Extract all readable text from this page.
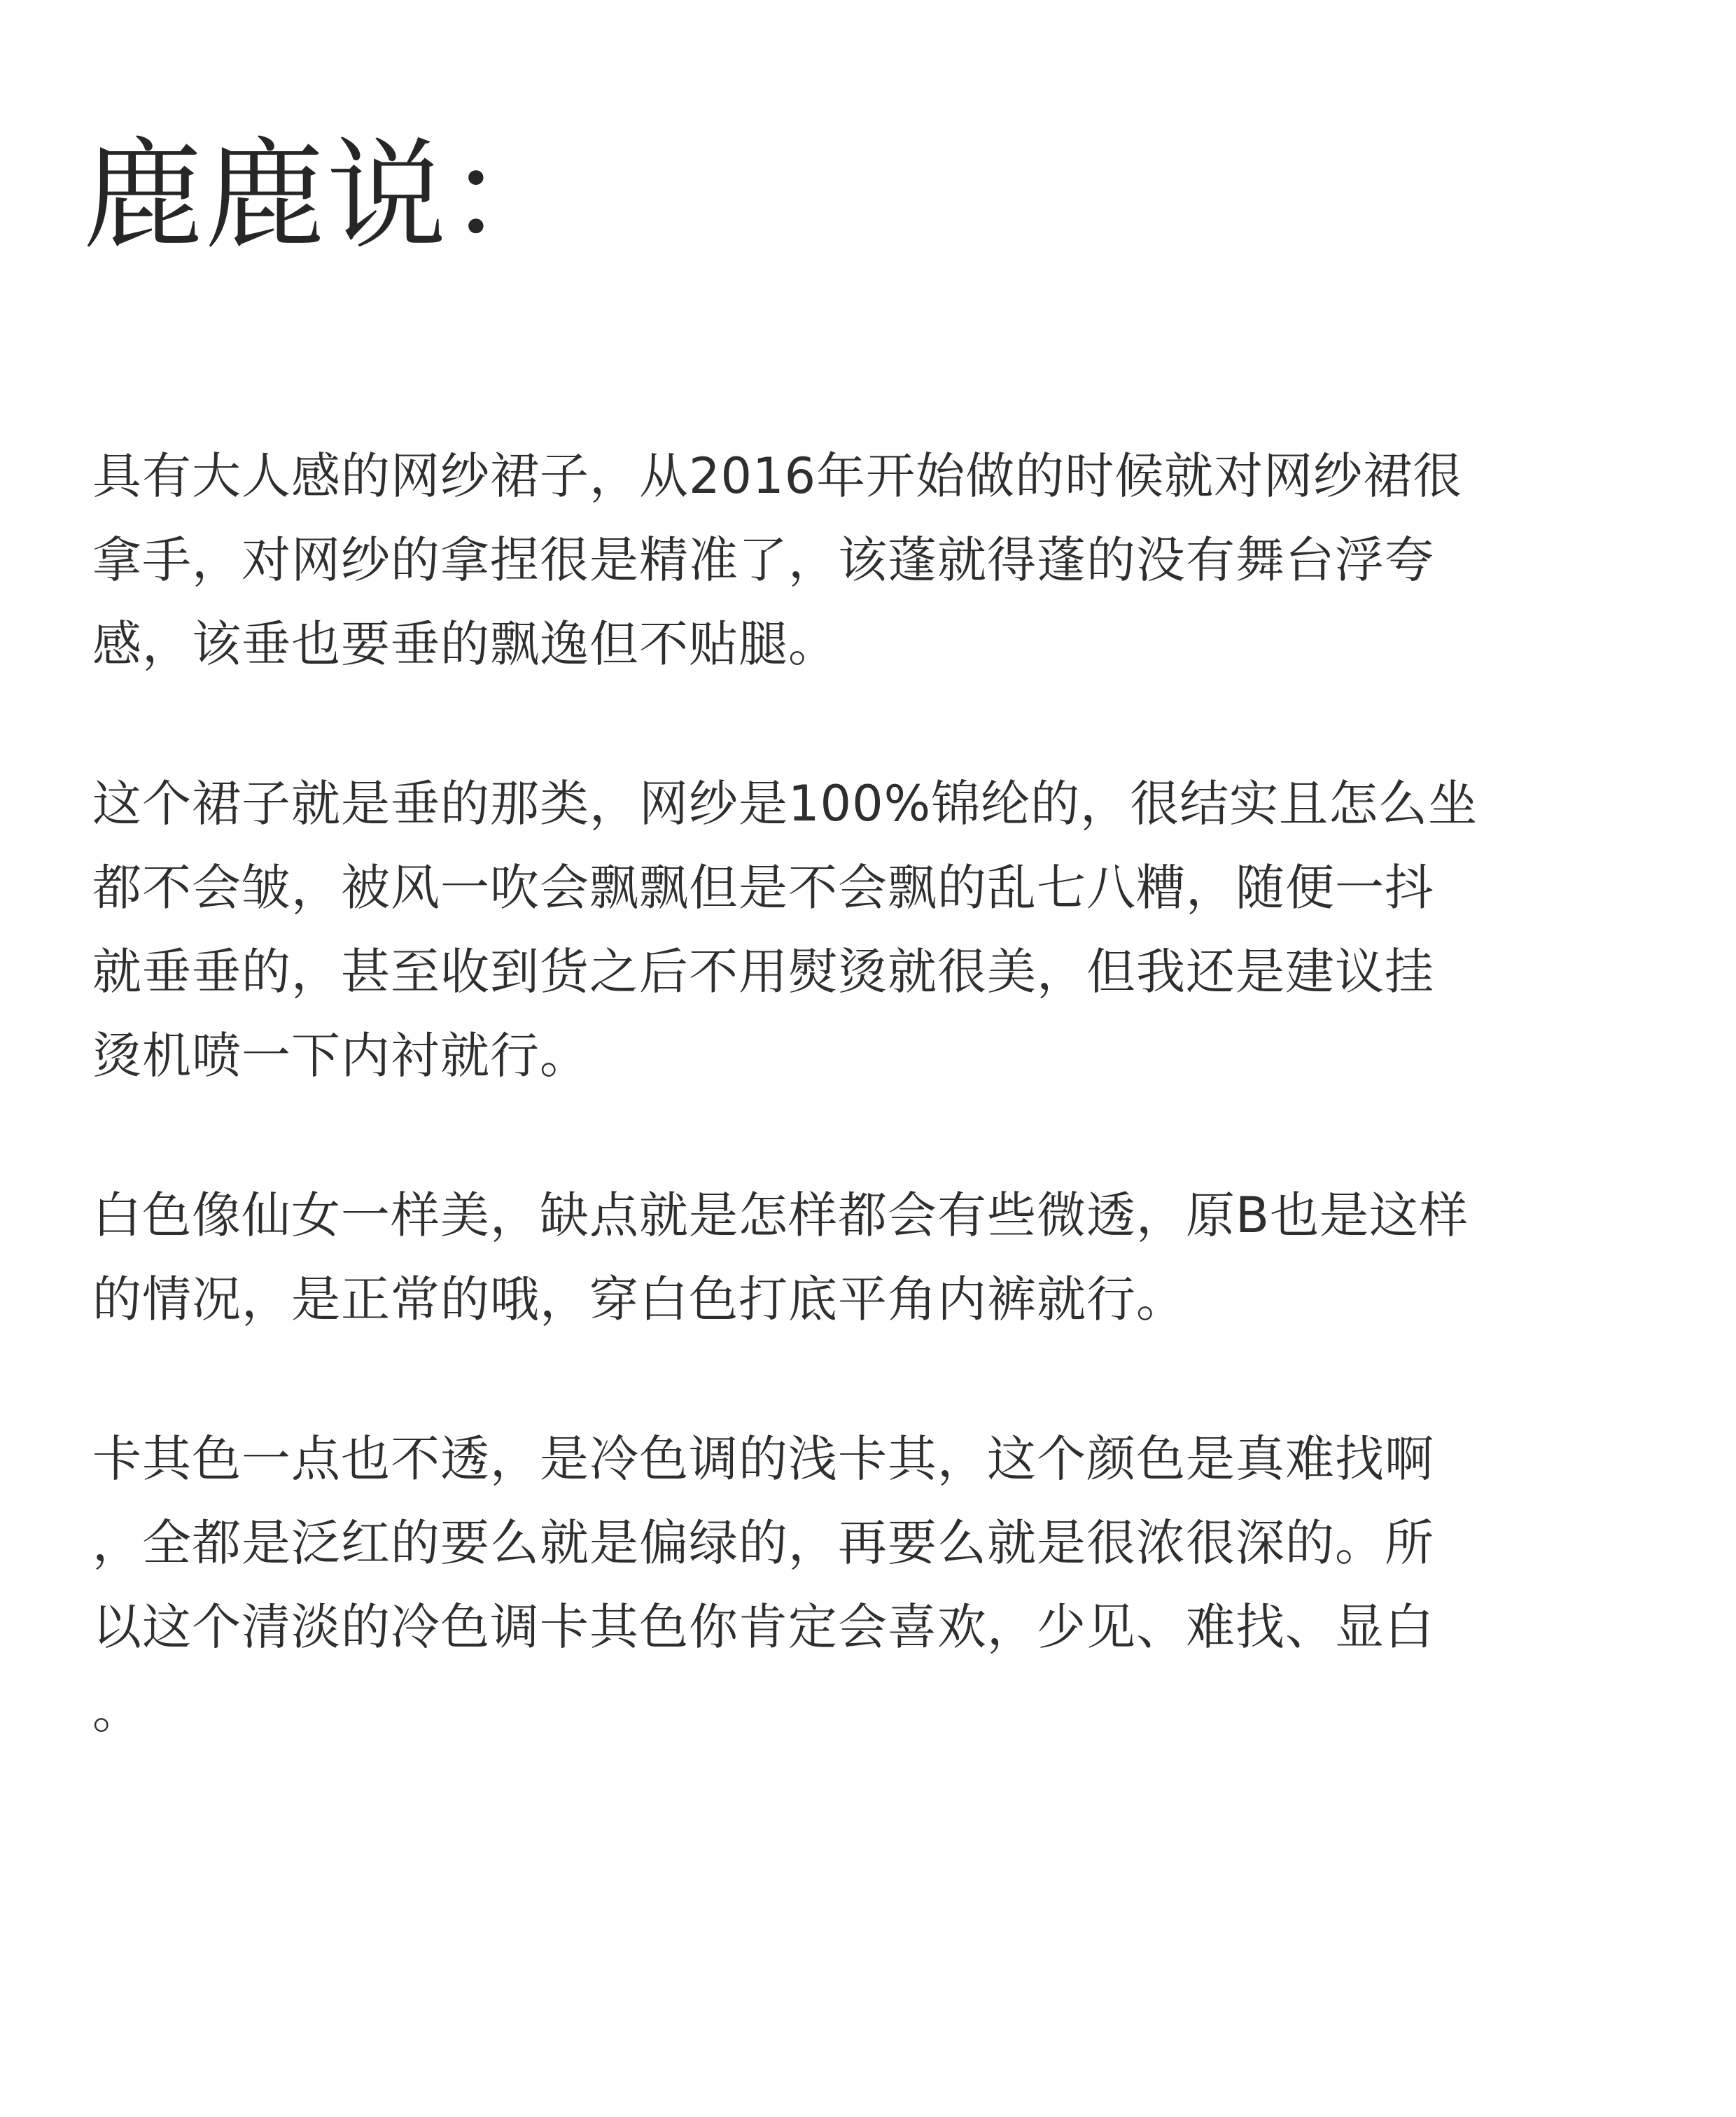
鹿鹿说：

具有大人感的网纱裙子，从2016年开始做的时候就对网纱裙很
拿手，对网纱的拿捏很是精准了，该蓬就得蓬的没有舞台浮夸
感，该垂也要垂的飘逸但不贴腿。

这个裙子就是垂的那类，网纱是100%锦纶的，很结实且怎么坐
都不会皱，被风一吹会飘飘但是不会飘的乱七八糟，随便一抖
就垂垂的，甚至收到货之后不用熨烫就很美，但我还是建议挂
烫机喷一下内衬就行。

白色像仙女一样美，缺点就是怎样都会有些微透，原B也是这样
的情况，是正常的哦，穿白色打底平角内裤就行。

卡其色一点也不透，是冷色调的浅卡其，这个颜色是真难找啊
，全都是泛红的要么就是偏绿的，再要么就是很浓很深的。所
以这个清淡的冷色调卡其色你肯定会喜欢，少见、难找、显白
。
